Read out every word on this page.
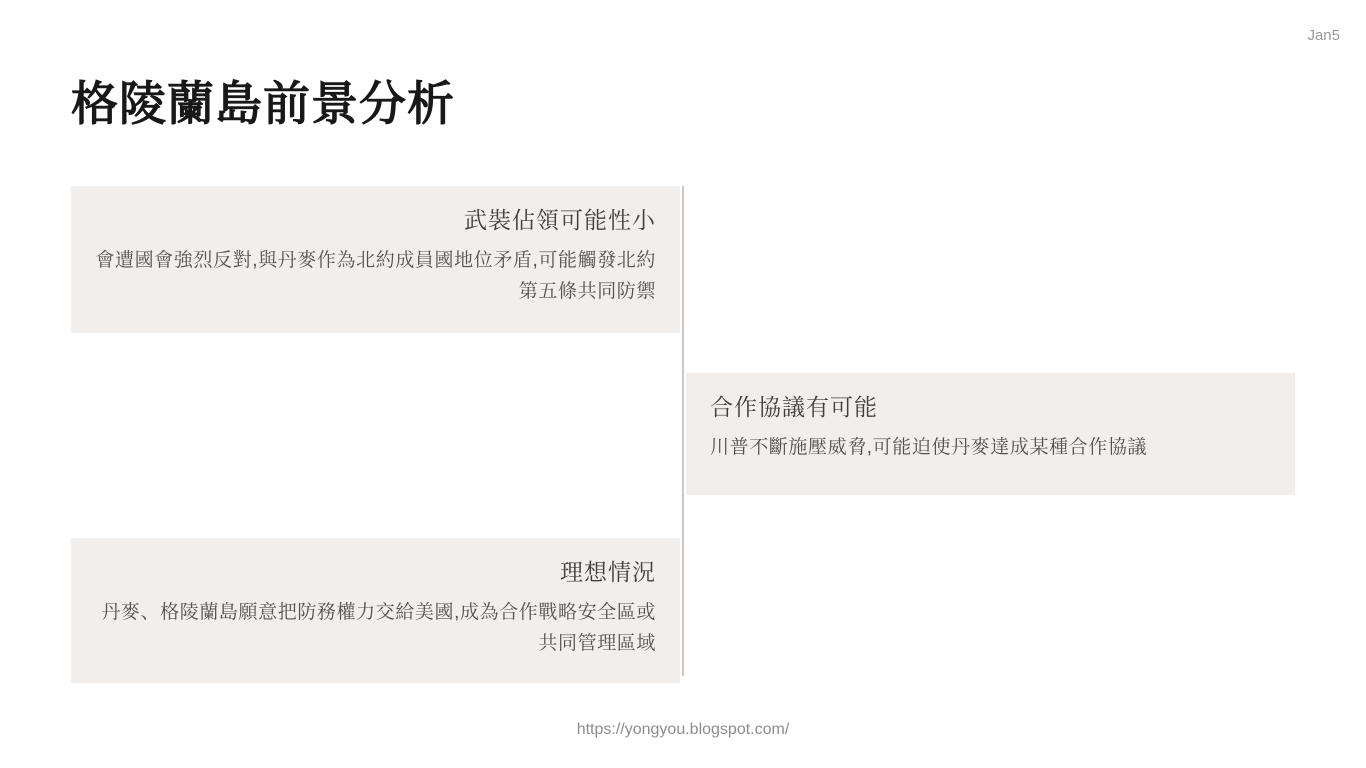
Jan5
格陵蘭島前景分析
武裝佔領可能性小
會遭國會強烈反對,與丹麥作為北約成員國地位矛盾,可能觸發北約第五條共同防禦
合作協議有可能
川普不斷施壓威脅,可能迫使丹麥達成某種合作協議
理想情況
丹麥、格陵蘭島願意把防務權力交給美國,成為合作戰略安全區或共同管理區域
https://yongyou.blogspot.com/
